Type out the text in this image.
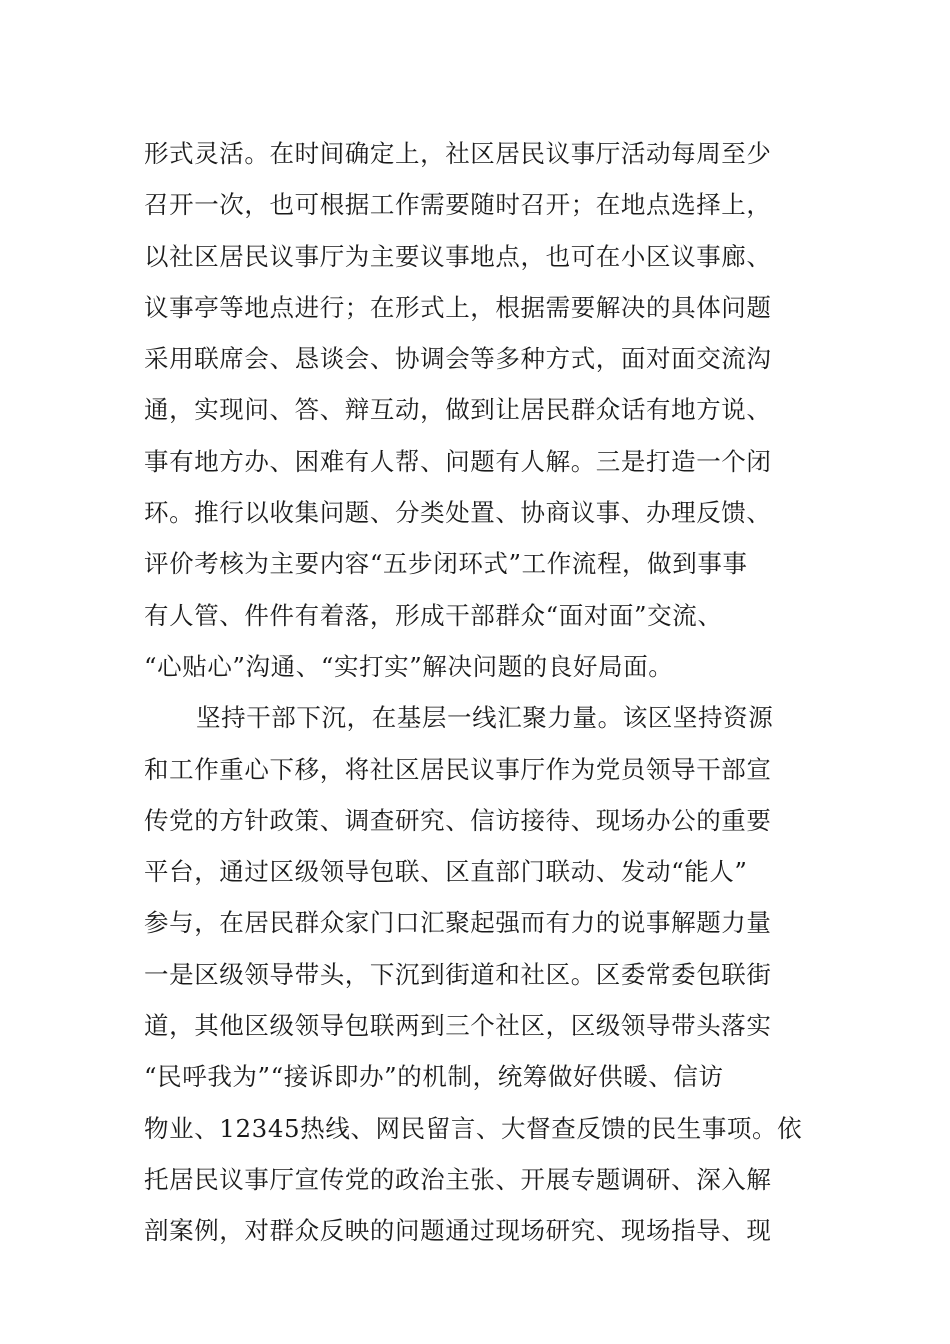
形式灵活。在时间确定上，社区居民议事厅活动每周至少
召开一次，也可根据工作需要随时召开；在地点选择上，
以社区居民议事厅为主要议事地点，也可在小区议事廊、
议事亭等地点进行；在形式上，根据需要解决的具体问题
采用联席会、恳谈会、协调会等多种方式，面对面交流沟
通，实现问、答、辩互动，做到让居民群众话有地方说、
事有地方办、困难有人帮、问题有人解。三是打造一个闭
环。推行以收集问题、分类处置、协商议事、办理反馈、
评价考核为主要内容“五步闭环式”工作流程，做到事事
有人管、件件有着落，形成干部群众“面对面”交流、
“心贴心”沟通、“实打实”解决问题的良好局面。
坚持干部下沉，在基层一线汇聚力量。该区坚持资源
和工作重心下移，将社区居民议事厅作为党员领导干部宣
传党的方针政策、调查研究、信访接待、现场办公的重要
平台，通过区级领导包联、区直部门联动、发动“能人”
参与，在居民群众家门口汇聚起强而有力的说事解题力量
一是区级领导带头，下沉到街道和社区。区委常委包联街
道，其他区级领导包联两到三个社区，区级领导带头落实
“民呼我为”“接诉即办”的机制，统筹做好供暖、信访
物业、12345热线、网民留言、大督查反馈的民生事项。依
托居民议事厅宣传党的政治主张、开展专题调研、深入解
剖案例，对群众反映的问题通过现场研究、现场指导、现
